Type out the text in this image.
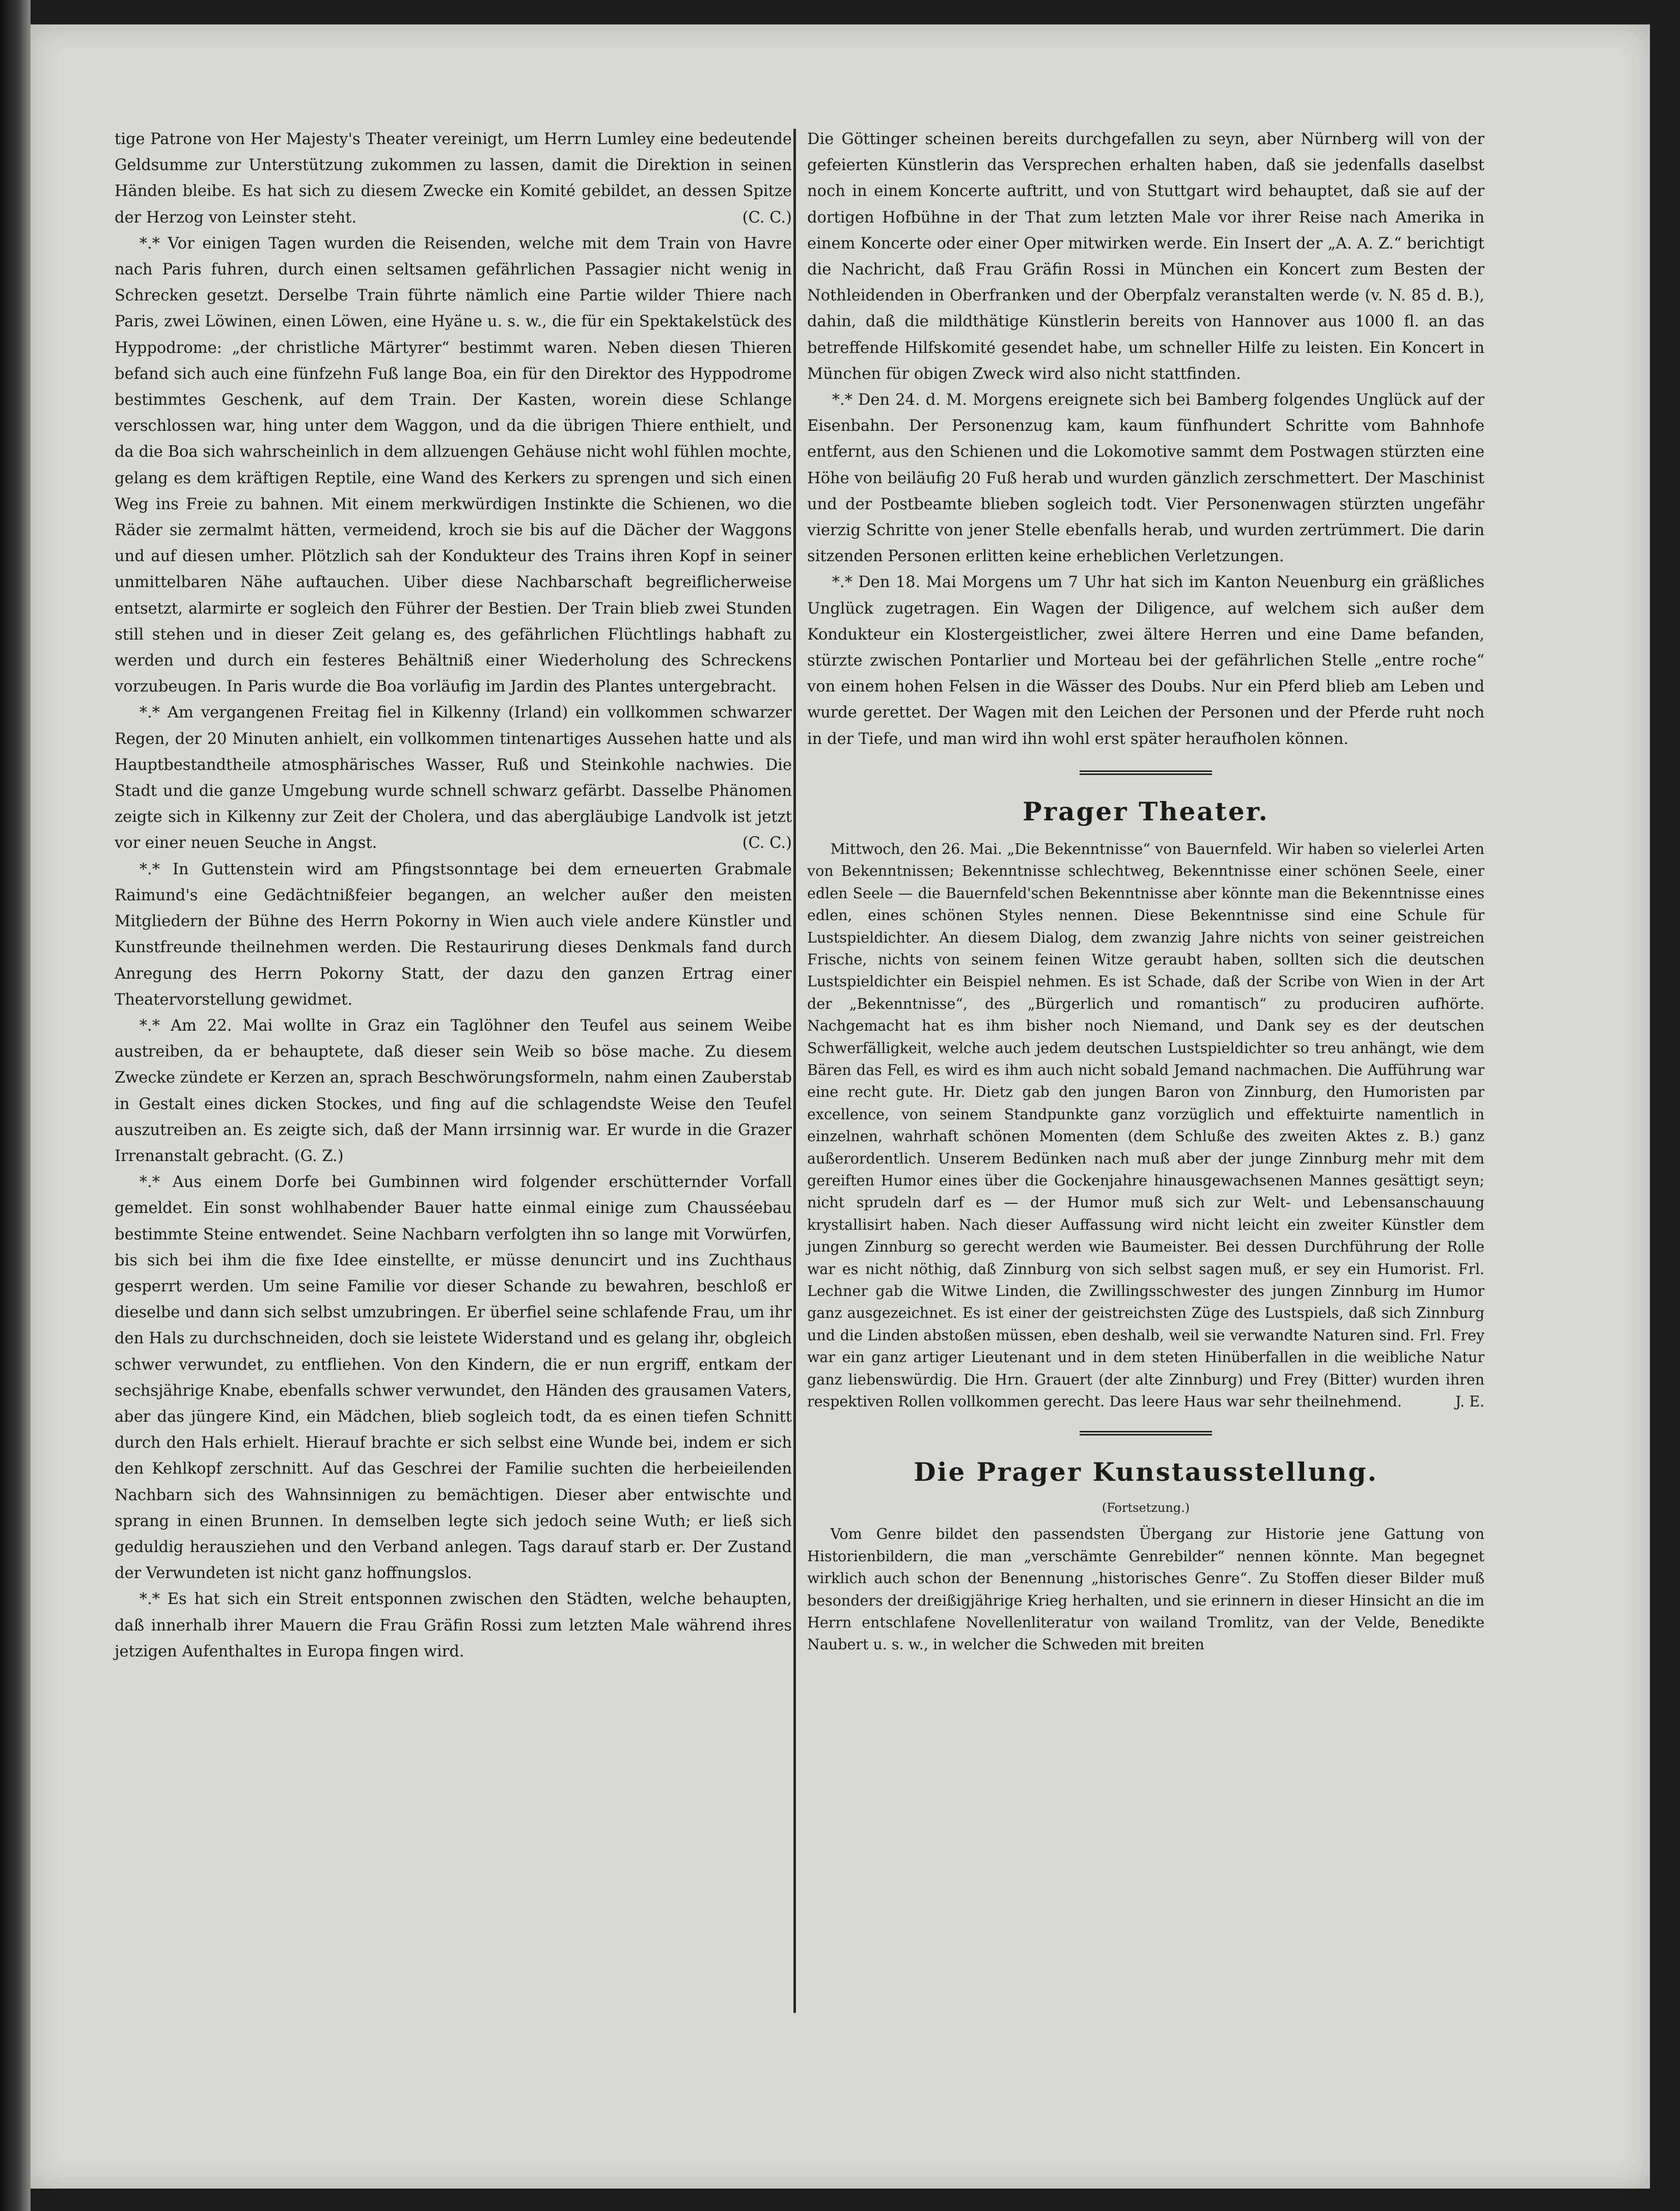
tige Patrone von Her Majesty's Theater vereinigt, um Herrn Lumley eine bedeutende Geldsumme zur Unterstützung zukommen zu lassen, damit die Direktion in seinen Händen bleibe. Es hat sich zu diesem Zwecke ein Komité gebildet, an dessen Spitze der Herzog von Leinster steht.	(C. C.)

*.* Vor einigen Tagen wurden die Reisenden, welche mit dem Train von Havre nach Paris fuhren, durch einen seltsamen gefährlichen Passagier nicht wenig in Schrecken gesetzt. Derselbe Train führte nämlich eine Partie wilder Thiere nach Paris, zwei Löwinen, einen Löwen, eine Hyäne u. s. w., die für ein Spektakelstück des Hyppodrome: „der christliche Märtyrer“ bestimmt waren. Neben diesen Thieren befand sich auch eine fünfzehn Fuß lange Boa, ein für den Direktor des Hyppodrome bestimmtes Geschenk, auf dem Train. Der Kasten, worein diese Schlange verschlossen war, hing unter dem Waggon, und da die übrigen Thiere enthielt, und da die Boa sich wahrscheinlich in dem allzuengen Gehäuse nicht wohl fühlen mochte, gelang es dem kräftigen Reptile, eine Wand des Kerkers zu sprengen und sich einen Weg ins Freie zu bahnen. Mit einem merkwürdigen Instinkte die Schienen, wo die Räder sie zermalmt hätten, vermeidend, kroch sie bis auf die Dächer der Waggons und auf diesen umher. Plötzlich sah der Kondukteur des Trains ihren Kopf in seiner unmittelbaren Nähe auftauchen. Uiber diese Nachbarschaft begreiflicherweise entsetzt, alarmirte er sogleich den Führer der Bestien. Der Train blieb zwei Stunden still stehen und in dieser Zeit gelang es, des gefährlichen Flüchtlings habhaft zu werden und durch ein festeres Behältniß einer Wiederholung des Schreckens vorzubeugen. In Paris wurde die Boa vorläufig im Jardin des Plantes untergebracht.

*.* Am vergangenen Freitag fiel in Kilkenny (Irland) ein vollkommen schwarzer Regen, der 20 Minuten anhielt, ein vollkommen tintenartiges Aussehen hatte und als Hauptbestandtheile atmosphärisches Wasser, Ruß und Steinkohle nachwies. Die Stadt und die ganze Umgebung wurde schnell schwarz gefärbt. Dasselbe Phänomen zeigte sich in Kilkenny zur Zeit der Cholera, und das abergläubige Landvolk ist jetzt vor einer neuen Seuche in Angst.	(C. C.)

*.* In Guttenstein wird am Pfingstsonntage bei dem erneuerten Grabmale Raimund's eine Gedächtnißfeier begangen, an welcher außer den meisten Mitgliedern der Bühne des Herrn Pokorny in Wien auch viele andere Künstler und Kunstfreunde theilnehmen werden. Die Restaurirung dieses Denkmals fand durch Anregung des Herrn Pokorny Statt, der dazu den ganzen Ertrag einer Theatervorstellung gewidmet.

*.* Am 22. Mai wollte in Graz ein Taglöhner den Teufel aus seinem Weibe austreiben, da er behauptete, daß dieser sein Weib so böse mache. Zu diesem Zwecke zündete er Kerzen an, sprach Beschwörungsformeln, nahm einen Zauberstab in Gestalt eines dicken Stockes, und fing auf die schlagendste Weise den Teufel auszutreiben an. Es zeigte sich, daß der Mann irrsinnig war. Er wurde in die Grazer Irrenanstalt gebracht. (G. Z.)

*.* Aus einem Dorfe bei Gumbinnen wird folgender erschütternder Vorfall gemeldet. Ein sonst wohlhabender Bauer hatte einmal einige zum Chausséebau bestimmte Steine entwendet. Seine Nachbarn verfolgten ihn so lange mit Vorwürfen, bis sich bei ihm die fixe Idee einstellte, er müsse denuncirt und ins Zuchthaus gesperrt werden. Um seine Familie vor dieser Schande zu bewahren, beschloß er dieselbe und dann sich selbst umzubringen. Er überfiel seine schlafende Frau, um ihr den Hals zu durchschneiden, doch sie leistete Widerstand und es gelang ihr, obgleich schwer verwundet, zu entfliehen. Von den Kindern, die er nun ergriff, entkam der sechsjährige Knabe, ebenfalls schwer verwundet, den Händen des grausamen Vaters, aber das jüngere Kind, ein Mädchen, blieb sogleich todt, da es einen tiefen Schnitt durch den Hals erhielt. Hierauf brachte er sich selbst eine Wunde bei, indem er sich den Kehlkopf zerschnitt. Auf das Geschrei der Familie suchten die herbeieilenden Nachbarn sich des Wahnsinnigen zu bemächtigen. Dieser aber entwischte und sprang in einen Brunnen. In demselben legte sich jedoch seine Wuth; er ließ sich geduldig herausziehen und den Verband anlegen. Tags darauf starb er. Der Zustand der Verwundeten ist nicht ganz hoffnungslos.

*.* Es hat sich ein Streit entsponnen zwischen den Städten, welche behaupten, daß innerhalb ihrer Mauern die Frau Gräfin Rossi zum letzten Male während ihres jetzigen Aufenthaltes in Europa fingen wird.

Die Göttinger scheinen bereits durchgefallen zu seyn, aber Nürnberg will von der gefeierten Künstlerin das Versprechen erhalten haben, daß sie jedenfalls daselbst noch in einem Koncerte auftritt, und von Stuttgart wird behauptet, daß sie auf der dortigen Hofbühne in der That zum letzten Male vor ihrer Reise nach Amerika in einem Koncerte oder einer Oper mitwirken werde. Ein Insert der „A. A. Z.“ berichtigt die Nachricht, daß Frau Gräfin Rossi in München ein Koncert zum Besten der Nothleidenden in Oberfranken und der Oberpfalz veranstalten werde (v. N. 85 d. B.), dahin, daß die mildthätige Künstlerin bereits von Hannover aus 1000 fl. an das betreffende Hilfskomité gesendet habe, um schneller Hilfe zu leisten. Ein Koncert in München für obigen Zweck wird also nicht stattfinden.

*.* Den 24. d. M. Morgens ereignete sich bei Bamberg folgendes Unglück auf der Eisenbahn. Der Personenzug kam, kaum fünfhundert Schritte vom Bahnhofe entfernt, aus den Schienen und die Lokomotive sammt dem Postwagen stürzten eine Höhe von beiläufig 20 Fuß herab und wurden gänzlich zerschmettert. Der Maschinist und der Postbeamte blieben sogleich todt. Vier Personenwagen stürzten ungefähr vierzig Schritte von jener Stelle ebenfalls herab, und wurden zertrümmert. Die darin sitzenden Personen erlitten keine erheblichen Verletzungen.

*.* Den 18. Mai Morgens um 7 Uhr hat sich im Kanton Neuenburg ein gräßliches Unglück zugetragen. Ein Wagen der Diligence, auf welchem sich außer dem Kondukteur ein Klostergeistlicher, zwei ältere Herren und eine Dame befanden, stürzte zwischen Pontarlier und Morteau bei der gefährlichen Stelle „entre roche“ von einem hohen Felsen in die Wässer des Doubs. Nur ein Pferd blieb am Leben und wurde gerettet. Der Wagen mit den Leichen der Personen und der Pferde ruht noch in der Tiefe, und man wird ihn wohl erst später heraufholen können.

Prager Theater.

Mittwoch, den 26. Mai. „Die Bekenntnisse“ von Bauernfeld. Wir haben so vielerlei Arten von Bekenntnissen; Bekenntnisse schlechtweg, Bekenntnisse einer schönen Seele, einer edlen Seele — die Bauernfeld'schen Bekenntnisse aber könnte man die Bekenntnisse eines edlen, eines schönen Styles nennen. Diese Bekenntnisse sind eine Schule für Lustspieldichter. An diesem Dialog, dem zwanzig Jahre nichts von seiner geistreichen Frische, nichts von seinem feinen Witze geraubt haben, sollten sich die deutschen Lustspieldichter ein Beispiel nehmen. Es ist Schade, daß der Scribe von Wien in der Art der „Bekenntnisse“, des „Bürgerlich und romantisch“ zu produciren aufhörte. Nachgemacht hat es ihm bisher noch Niemand, und Dank sey es der deutschen Schwerfälligkeit, welche auch jedem deutschen Lustspieldichter so treu anhängt, wie dem Bären das Fell, es wird es ihm auch nicht sobald Jemand nachmachen. Die Aufführung war eine recht gute. Hr. Dietz gab den jungen Baron von Zinnburg, den Humoristen par excellence, von seinem Standpunkte ganz vorzüglich und effektuirte namentlich in einzelnen, wahrhaft schönen Momenten (dem Schluße des zweiten Aktes z. B.) ganz außerordentlich. Unserem Bedünken nach muß aber der junge Zinnburg mehr mit dem gereiften Humor eines über die Gockenjahre hinausgewachsenen Mannes gesättigt seyn; nicht sprudeln darf es — der Humor muß sich zur Welt- und Lebensanschauung krystallisirt haben. Nach dieser Auffassung wird nicht leicht ein zweiter Künstler dem jungen Zinnburg so gerecht werden wie Baumeister. Bei dessen Durchführung der Rolle war es nicht nöthig, daß Zinnburg von sich selbst sagen muß, er sey ein Humorist. Frl. Lechner gab die Witwe Linden, die Zwillingsschwester des jungen Zinnburg im Humor ganz ausgezeichnet. Es ist einer der geistreichsten Züge des Lustspiels, daß sich Zinnburg und die Linden abstoßen müssen, eben deshalb, weil sie verwandte Naturen sind. Frl. Frey war ein ganz artiger Lieutenant und in dem steten Hinüberfallen in die weibliche Natur ganz liebenswürdig. Die Hrn. Grauert (der alte Zinnburg) und Frey (Bitter) wurden ihren respektiven Rollen vollkommen gerecht. Das leere Haus war sehr theilnehmend.	J. E.

Die Prager Kunstausstellung.
(Fortsetzung.)

Vom Genre bildet den passendsten Übergang zur Historie jene Gattung von Historienbildern, die man „verschämte Genrebilder“ nennen könnte. Man begegnet wirklich auch schon der Benennung „historisches Genre“. Zu Stoffen dieser Bilder muß besonders der dreißigjährige Krieg herhalten, und sie erinnern in dieser Hinsicht an die im Herrn entschlafene Novellenliteratur von wailand Tromlitz, van der Velde, Benedikte Naubert u. s. w., in welcher die Schweden mit breiten
